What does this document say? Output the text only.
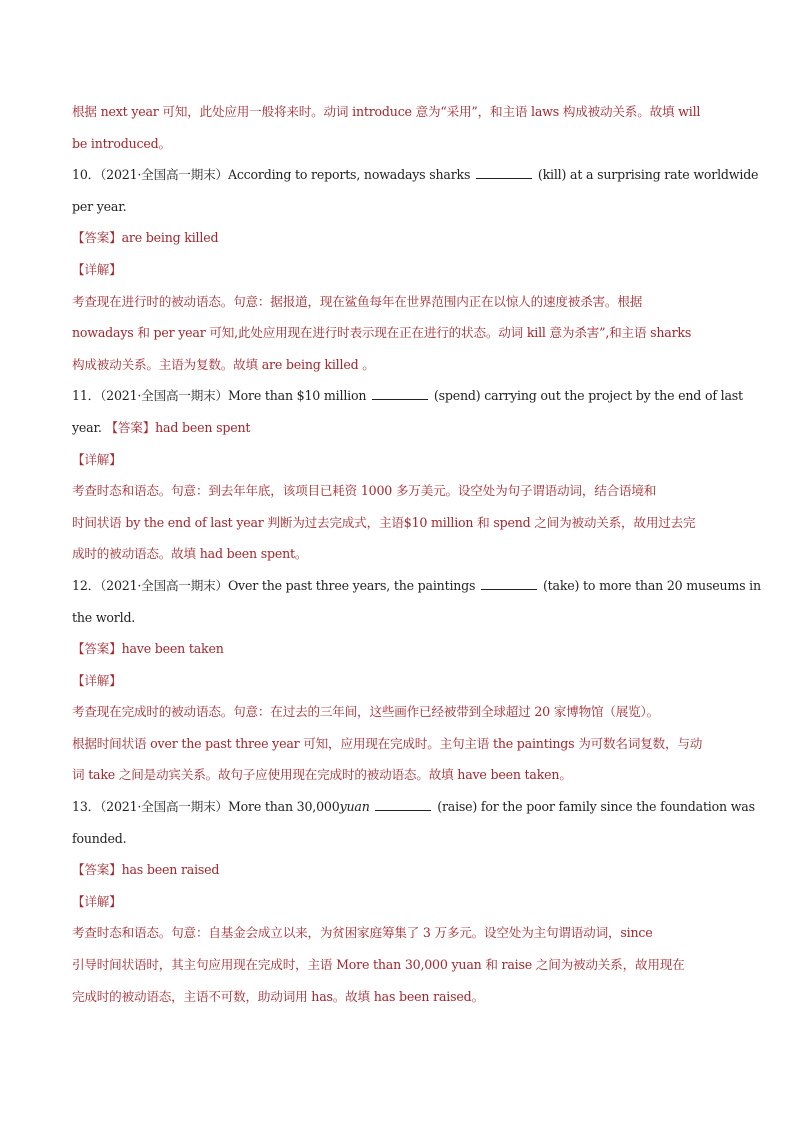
根据 next year 可知，此处应用一般将来时。动词 introduce 意为“采用”，和主语 laws 构成被动关系。故填 will
be introduced。
10．（2021·全国高一期末）According to reports, nowadays sharks	(kill) at a surprising rate worldwide
per year.
【答案】are being killed
【详解】
考查现在进行时的被动语态。句意：据报道，现在鲨鱼每年在世界范围内正在以惊人的速度被杀害。根据
nowadays 和 per year 可知,此处应用现在进行时表示现在正在进行的状态。动词 kill 意为杀害”,和主语 sharks
构成被动关系。主语为复数。故填 are being killed 。
11．（2021·全国高一期末）More than $10 million	(spend) carrying out the project by the end of last
year. 【答案】had been spent
【详解】
考查时态和语态。句意：到去年年底，该项目已耗资 1000 多万美元。设空处为句子谓语动词，结合语境和
时间状语 by the end of last year 判断为过去完成式，主语$10 million 和 spend 之间为被动关系，故用过去完
成时的被动语态。故填 had been spent。
12．（2021·全国高一期末）Over the past three years, the paintings	(take) to more than 20 museums in
the world.
【答案】have been taken
【详解】
考查现在完成时的被动语态。句意：在过去的三年间，这些画作已经被带到全球超过 20 家博物馆（展览）。
根据时间状语 over the past three year 可知，应用现在完成时。主句主语 the paintings 为可数名词复数，与动
词 take 之间是动宾关系。故句子应使用现在完成时的被动语态。故填 have been taken。
13．（2021·全国高一期末）More than 30,000yuan	(raise) for the poor family since the foundation was
founded.
【答案】has been raised
【详解】
考查时态和语态。句意：自基金会成立以来，为贫困家庭筹集了 3 万多元。设空处为主句谓语动词，since
引导时间状语时，其主句应用现在完成时，主语 More than 30,000 yuan 和 raise 之间为被动关系，故用现在
完成时的被动语态，主语不可数，助动词用 has。故填 has been raised。
